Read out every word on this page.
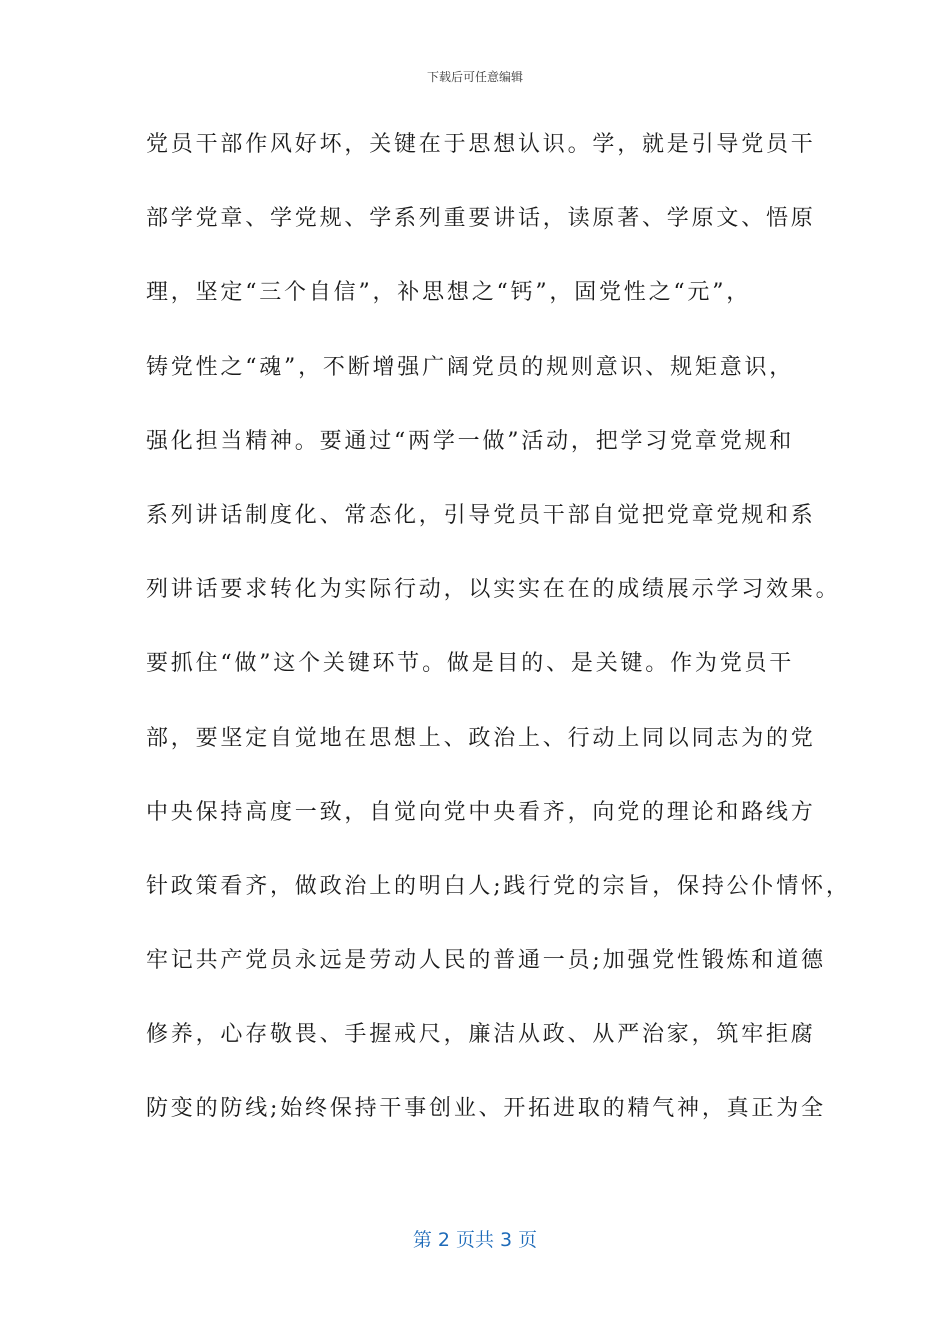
下载后可任意编辑
党员干部作风好坏，关键在于思想认识。学，就是引导党员干
部学党章、学党规、学系列重要讲话，读原著、学原文、悟原
理，坚定“三个自信”，补思想之“钙”，固党性之“元”，
铸党性之“魂”，不断增强广阔党员的规则意识、规矩意识，
强化担当精神。要通过“两学一做”活动，把学习党章党规和
系列讲话制度化、常态化，引导党员干部自觉把党章党规和系
列讲话要求转化为实际行动，以实实在在的成绩展示学习效果。
要抓住“做”这个关键环节。做是目的、是关键。作为党员干
部，要坚定自觉地在思想上、政治上、行动上同以同志为的党
中央保持高度一致，自觉向党中央看齐，向党的理论和路线方
针政策看齐，做政治上的明白人;践行党的宗旨，保持公仆情怀，
牢记共产党员永远是劳动人民的普通一员;加强党性锻炼和道德
修养，心存敬畏、手握戒尺，廉洁从政、从严治家，筑牢拒腐
防变的防线;始终保持干事创业、开拓进取的精气神，真正为全
第 2 页共 3 页
